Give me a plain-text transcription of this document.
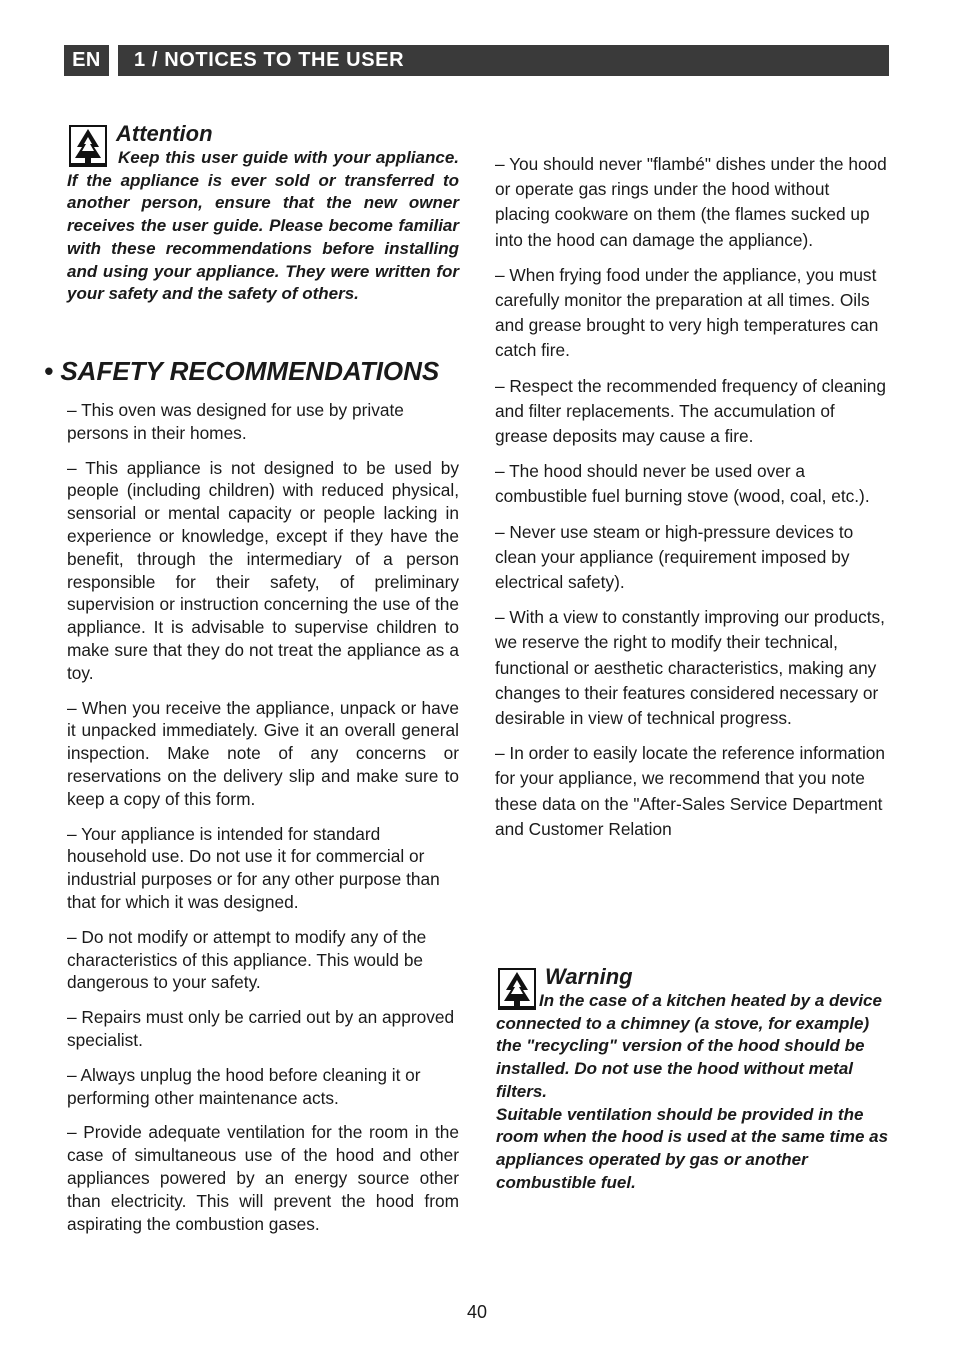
EN	1 / NOTICES TO THE USER
Attention

Keep this user guide with your appliance. If the appliance is ever sold or transferred to another person, ensure that the new owner receives the user guide. Please become familiar with these recommendations before installing and using your appliance. They were written for your safety and the safety of others.

• SAFETY RECOMMENDATIONS

– This oven was designed for use by private persons in their homes.

– This appliance is not designed to be used by people (including children) with reduced physical, sensorial or mental capacity or people lacking in experience or knowledge, except if they have the benefit, through the intermediary of a person responsible for their safety, of preliminary supervision or instruction concerning the use of the appliance. It is advisable to supervise children to make sure that they do not treat the appliance as a toy.

– When you receive the appliance, unpack or have it unpacked immediately. Give it an overall general inspection. Make note of any concerns or reservations on the delivery slip and make sure to keep a copy of this form.

– Your appliance is intended for standard household use. Do not use it for commercial or industrial purposes or for any other purpose than that for which it was designed.

– Do not modify or attempt to modify any of the characteristics of this appliance. This would be dangerous to your safety.

– Repairs must only be carried out by an approved specialist.

– Always unplug the hood before cleaning it or performing other maintenance acts.

– Provide adequate ventilation for the room in the case of simultaneous use of the hood and other appliances powered by an energy source other than electricity. This will prevent the hood from aspirating the combustion gases.

– You should never "flambé" dishes under the hood or operate gas rings under the hood without placing cookware on them (the flames sucked up into the hood can damage the appliance).

– When frying food under the appliance, you must carefully monitor the preparation at all times. Oils and grease brought to very high temperatures can catch fire.

– Respect the recommended frequency of cleaning and filter replacements. The accumulation of grease deposits may cause a fire.

– The hood should never be used over a combustible fuel burning stove (wood, coal, etc.).

– Never use steam or high-pressure devices to clean your appliance (requirement imposed by electrical safety).

– With a view to constantly improving our products, we reserve the right to modify their technical, functional or aesthetic characteristics, making any changes to their features considered necessary or desirable in view of technical progress.

– In order to easily locate the reference information for your appliance, we recommend that you note these data on the "After-Sales Service Department and Customer Relation

Warning

In the case of a kitchen heated by a device connected to a chimney (a stove, for example) the "recycling" version of the hood should be installed. Do not use the hood without metal filters.
Suitable ventilation should be provided in the room when the hood is used at the same time as appliances operated by gas or another combustible fuel.

40
